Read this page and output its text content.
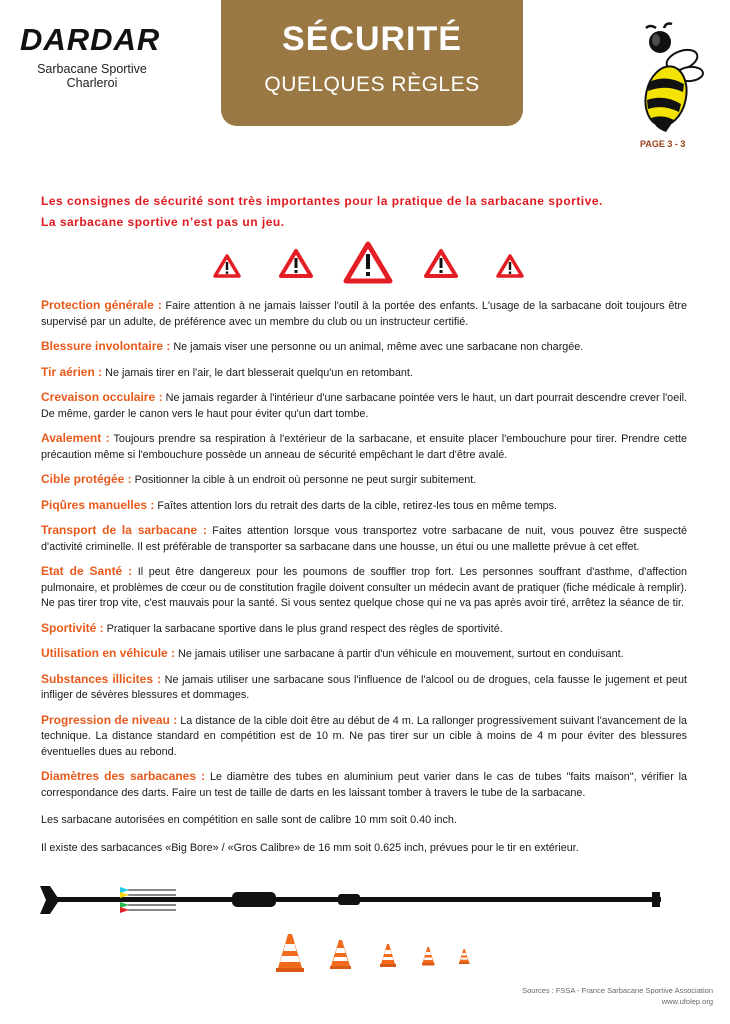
DARDAR
Sarbacane Sportive
Charleroi
SÉCURITÉ
QUELQUES RÈGLES
PAGE 3 - 3
Les consignes de sécurité sont très importantes pour la pratique de la sarbacane sportive.
La sarbacane sportive n’est pas un jeu.

Protection générale : Faire attention à ne jamais laisser l'outil à la portée des enfants. L'usage de la sarbacane doit toujours être supervisé par un adulte, de préférence avec un membre du club ou un instructeur certifié.

Blessure involontaire : Ne jamais viser une personne ou un animal, même avec une sarbacane non chargée.

Tir aérien : Ne jamais tirer en l'air, le dart blesserait quelqu'un en retombant.

Crevaison occulaire : Ne jamais regarder à l'intérieur d'une sarbacane pointée vers le haut, un dart pourrait descendre crever l'oeil. De même, garder le canon vers le haut pour éviter qu'un dart tombe.

Avalement : Toujours prendre sa respiration à l'extérieur de la sarbacane, et ensuite placer l'embouchure pour tirer. Prendre cette précaution même si l'embouchure possède un anneau de sécurité empêchant le dart d'être avalé.

Cible protégée : Positionner la cible à un endroit où personne ne peut surgir subitement.

Piqûres manuelles : Faîtes attention lors du retrait des darts de la cible, retirez-les tous en même temps.

Transport de la sarbacane : Faites attention lorsque vous transportez votre sarbacane de nuit, vous pouvez être suspecté d'activité criminelle. Il est préférable de transporter sa sarbacane dans une housse, un étui ou une mallette prévue à cet effet.

Etat de Santé : Il peut être dangereux pour les poumons de souffler trop fort. Les personnes souffrant d'asthme, d'affection pulmonaire, et problèmes de cœur ou de constitution fragile doivent consulter un médecin avant de pratiquer (fiche médicale à remplir). Ne pas tirer trop vite, c'est mauvais pour la santé. Si vous sentez quelque chose qui ne va pas après avoir tiré, arrêtez la séance de tir.

Sportivité : Pratiquer la sarbacane sportive dans le plus grand respect des règles de sportivité.

Utilisation en véhicule : Ne jamais utiliser une sarbacane à partir d'un véhicule en mouvement, surtout en conduisant.

Substances illicites : Ne jamais utiliser une sarbacane sous l'influence de l'alcool ou de drogues, cela fausse le jugement et peut infliger de sévères blessures et dommages.

Progression de niveau : La distance de la cible doit être au début de 4 m. La rallonger progressivement suivant l'avancement de la technique. La distance standard en compétition est de 10 m. Ne pas tirer sur un cible à moins de 4 m pour éviter des blessures éventuelles dues au rebond.

Diamètres des sarbacanes : Le diamètre des tubes en aluminium peut varier dans le cas de tubes "faits maison", vérifier la correspondance des darts. Faire un test de taille de darts en les laissant tomber à travers le tube de la sarbacane.

Les sarbacane autorisées en compétition en salle sont de calibre 10 mm soit 0.40 inch.

Il existe des sarbacances «Big Bore» / «Gros Calibre» de 16 mm soit 0.625 inch, prévues pour le tir en extérieur.

Sources : FSSA - France Sarbacane Sportive Association
www.ufolep.org
